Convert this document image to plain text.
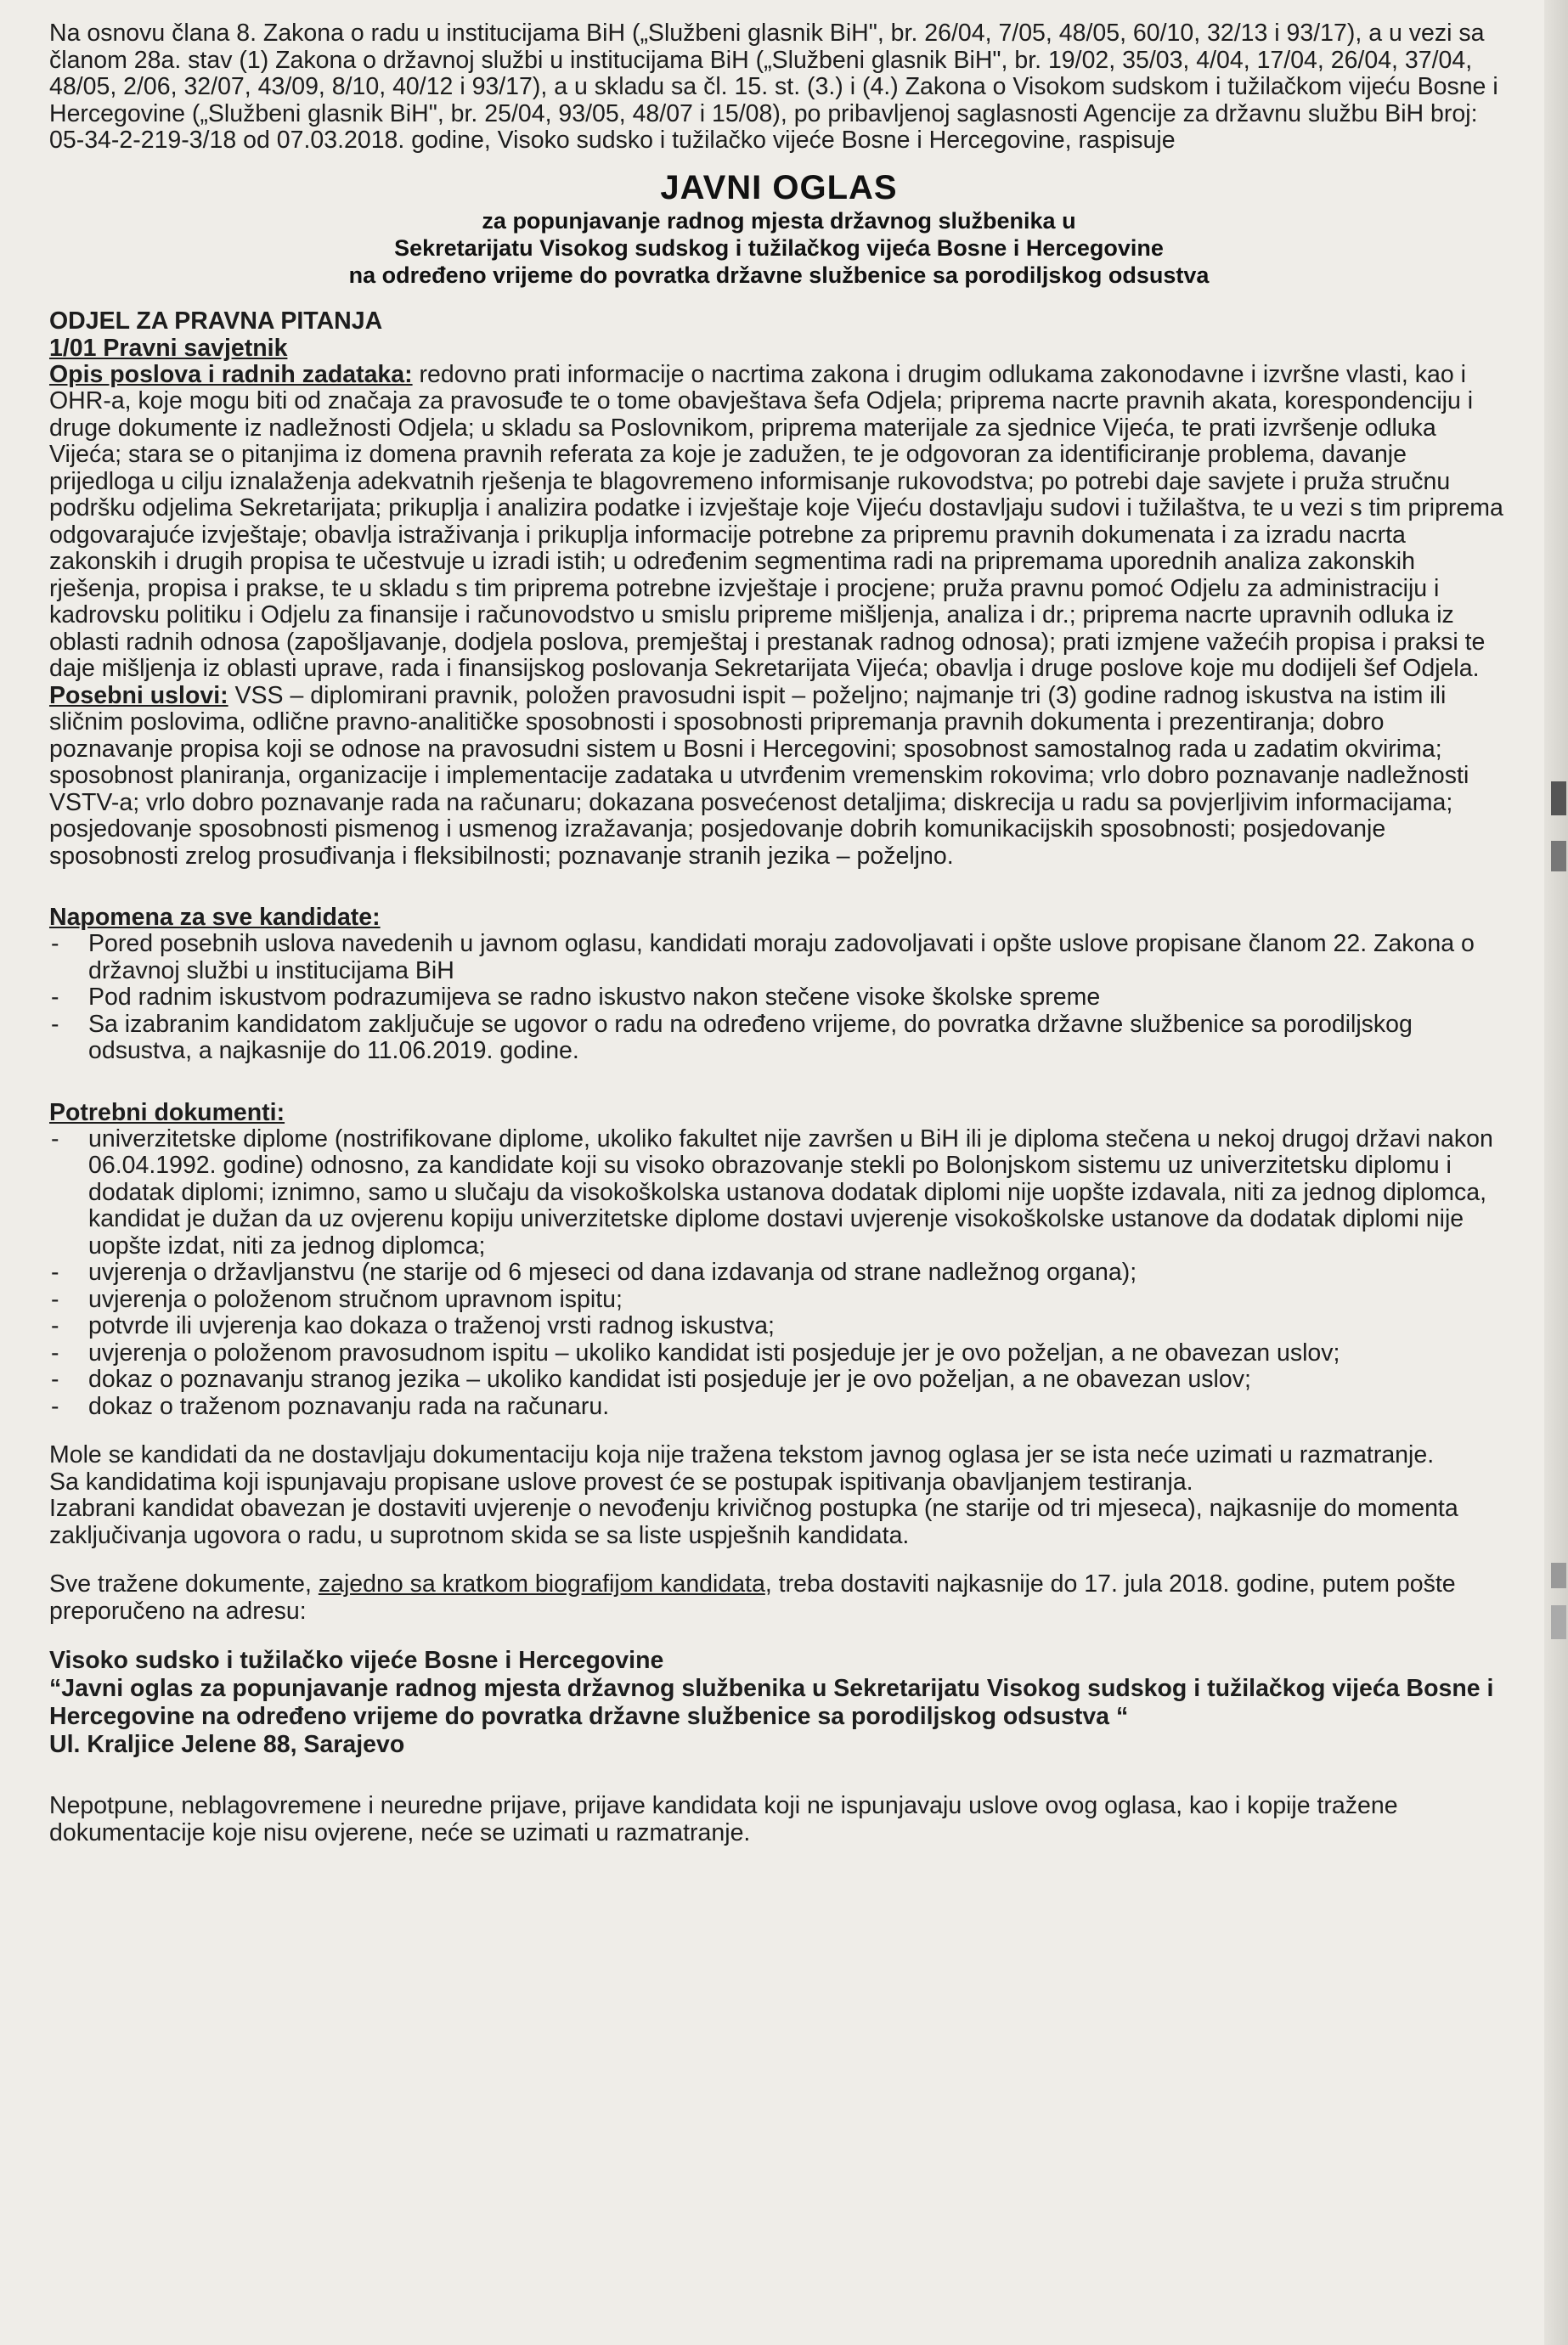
Na osnovu člana 8. Zakona o radu u institucijama BiH („Službeni glasnik BiH", br. 26/04, 7/05, 48/05, 60/10, 32/13 i 93/17), a u vezi sa članom 28a. stav (1) Zakona o državnoj službi u institucijama BiH („Službeni glasnik BiH", br. 19/02, 35/03, 4/04, 17/04, 26/04, 37/04, 48/05, 2/06, 32/07, 43/09, 8/10, 40/12 i 93/17), a u skladu sa čl. 15. st. (3.) i (4.) Zakona o Visokom sudskom i tužilačkom vijeću Bosne i Hercegovine („Službeni glasnik BiH", br. 25/04, 93/05, 48/07 i 15/08), po pribavljenoj saglasnosti Agencije za državnu službu BiH broj: 05-34-2-219-3/18 od 07.03.2018. godine, Visoko sudsko i tužilačko vijeće Bosne i Hercegovine, raspisuje

JAVNI OGLAS
za popunjavanje radnog mjesta državnog službenika u
Sekretarijatu Visokog sudskog i tužilačkog vijeća Bosne i Hercegovine
na određeno vrijeme do povratka državne službenice sa porodiljskog odsustva
ODJEL ZA PRAVNA PITANJA
1/01 Pravni savjetnik

Opis poslova i radnih zadataka: redovno prati informacije o nacrtima zakona i drugim odlukama zakonodavne i izvršne vlasti, kao i OHR-a, koje mogu biti od značaja za pravosuđe te o tome obavještava šefa Odjela; priprema nacrte pravnih akata, korespondenciju i druge dokumente iz nadležnosti Odjela; u skladu sa Poslovnikom, priprema materijale za sjednice Vijeća, te prati izvršenje odluka Vijeća; stara se o pitanjima iz domena pravnih referata za koje je zadužen, te je odgovoran za identificiranje problema, davanje prijedloga u cilju iznalaženja adekvatnih rješenja te blagovremeno informisanje rukovodstva; po potrebi daje savjete i pruža stručnu podršku odjelima Sekretarijata; prikuplja i analizira podatke i izvještaje koje Vijeću dostavljaju sudovi i tužilaštva, te u vezi s tim priprema odgovarajuće izvještaje; obavlja istraživanja i prikuplja informacije potrebne za pripremu pravnih dokumenata i za izradu nacrta zakonskih i drugih propisa te učestvuje u izradi istih; u određenim segmentima radi na pripremama uporednih analiza zakonskih rješenja, propisa i prakse, te u skladu s tim priprema potrebne izvještaje i procjene; pruža pravnu pomoć Odjelu za administraciju i kadrovsku politiku i Odjelu za finansije i računovodstvo u smislu pripreme mišljenja, analiza i dr.; priprema nacrte upravnih odluka iz oblasti radnih odnosa (zapošljavanje, dodjela poslova, premještaj i prestanak radnog odnosa); prati izmjene važećih propisa i praksi te daje mišljenja iz oblasti uprave, rada i finansijskog poslovanja Sekretarijata Vijeća; obavlja i druge poslove koje mu dodijeli šef Odjela.

Posebni uslovi: VSS – diplomirani pravnik, položen pravosudni ispit – poželjno; najmanje tri (3) godine radnog iskustva na istim ili sličnim poslovima, odlične pravno-analitičke sposobnosti i sposobnosti pripremanja pravnih dokumenta i prezentiranja; dobro poznavanje propisa koji se odnose na pravosudni sistem u Bosni i Hercegovini; sposobnost samostalnog rada u zadatim okvirima; sposobnost planiranja, organizacije i implementacije zadataka u utvrđenim vremenskim rokovima; vrlo dobro poznavanje nadležnosti VSTV-a; vrlo dobro poznavanje rada na računaru; dokazana posvećenost detaljima; diskrecija u radu sa povjerljivim informacijama; posjedovanje sposobnosti pismenog i usmenog izražavanja; posjedovanje dobrih komunikacijskih sposobnosti; posjedovanje sposobnosti zrelog prosuđivanja i fleksibilnosti; poznavanje stranih jezika – poželjno.

Napomena za sve kandidate:
- Pored posebnih uslova navedenih u javnom oglasu, kandidati moraju zadovoljavati i opšte uslove propisane članom 22. Zakona o državnoj službi u institucijama BiH
- Pod radnim iskustvom podrazumijeva se radno iskustvo nakon stečene visoke školske spreme
- Sa izabranim kandidatom zaključuje se ugovor o radu na određeno vrijeme, do povratka državne službenice sa porodiljskog odsustva, a najkasnije do 11.06.2019. godine.
Potrebni dokumenti:
- univerzitetske diplome (nostrifikovane diplome, ukoliko fakultet nije završen u BiH ili je diploma stečena u nekoj drugoj državi nakon 06.04.1992. godine) odnosno, za kandidate koji su visoko obrazovanje stekli po Bolonjskom sistemu uz univerzitetsku diplomu i dodatak diplomi; iznimno, samo u slučaju da visokoškolska ustanova dodatak diplomi nije uopšte izdavala, niti za jednog diplomca, kandidat je dužan da uz ovjerenu kopiju univerzitetske diplome dostavi uvjerenje visokoškolske ustanove da dodatak diplomi nije uopšte izdat, niti za jednog diplomca;
- uvjerenja o državljanstvu (ne starije od 6 mjeseci od dana izdavanja od strane nadležnog organa);
- uvjerenja o položenom stručnom upravnom ispitu;
- potvrde ili uvjerenja kao dokaza o traženoj vrsti radnog iskustva;
- uvjerenja o položenom pravosudnom ispitu – ukoliko kandidat isti posjeduje jer je ovo poželjan, a ne obavezan uslov;
- dokaz o poznavanju stranog jezika – ukoliko kandidat isti posjeduje jer je ovo poželjan, a ne obavezan uslov;
- dokaz o traženom poznavanju rada na računaru.

Mole se kandidati da ne dostavljaju dokumentaciju koja nije tražena tekstom javnog oglasa jer se ista neće uzimati u razmatranje.

Sa kandidatima koji ispunjavaju propisane uslove provest će se postupak ispitivanja obavljanjem testiranja.

Izabrani kandidat obavezan je dostaviti uvjerenje o nevođenju krivičnog postupka (ne starije od tri mjeseca), najkasnije do momenta zaključivanja ugovora o radu, u suprotnom skida se sa liste uspješnih kandidata.

Sve tražene dokumente, zajedno sa kratkom biografijom kandidata, treba dostaviti najkasnije do 17. jula 2018. godine, putem pošte preporučeno na adresu:

Visoko sudsko i tužilačko vijeće Bosne i Hercegovine
“Javni oglas za popunjavanje radnog mjesta državnog službenika u Sekretarijatu Visokog sudskog i tužilačkog vijeća Bosne i Hercegovine na određeno vrijeme do povratka državne službenice sa porodiljskog odsustva “
Ul. Kraljice Jelene 88, Sarajevo

Nepotpune, neblagovremene i neuredne prijave, prijave kandidata koji ne ispunjavaju uslove ovog oglasa, kao i kopije tražene dokumentacije koje nisu ovjerene, neće se uzimati u razmatranje.
